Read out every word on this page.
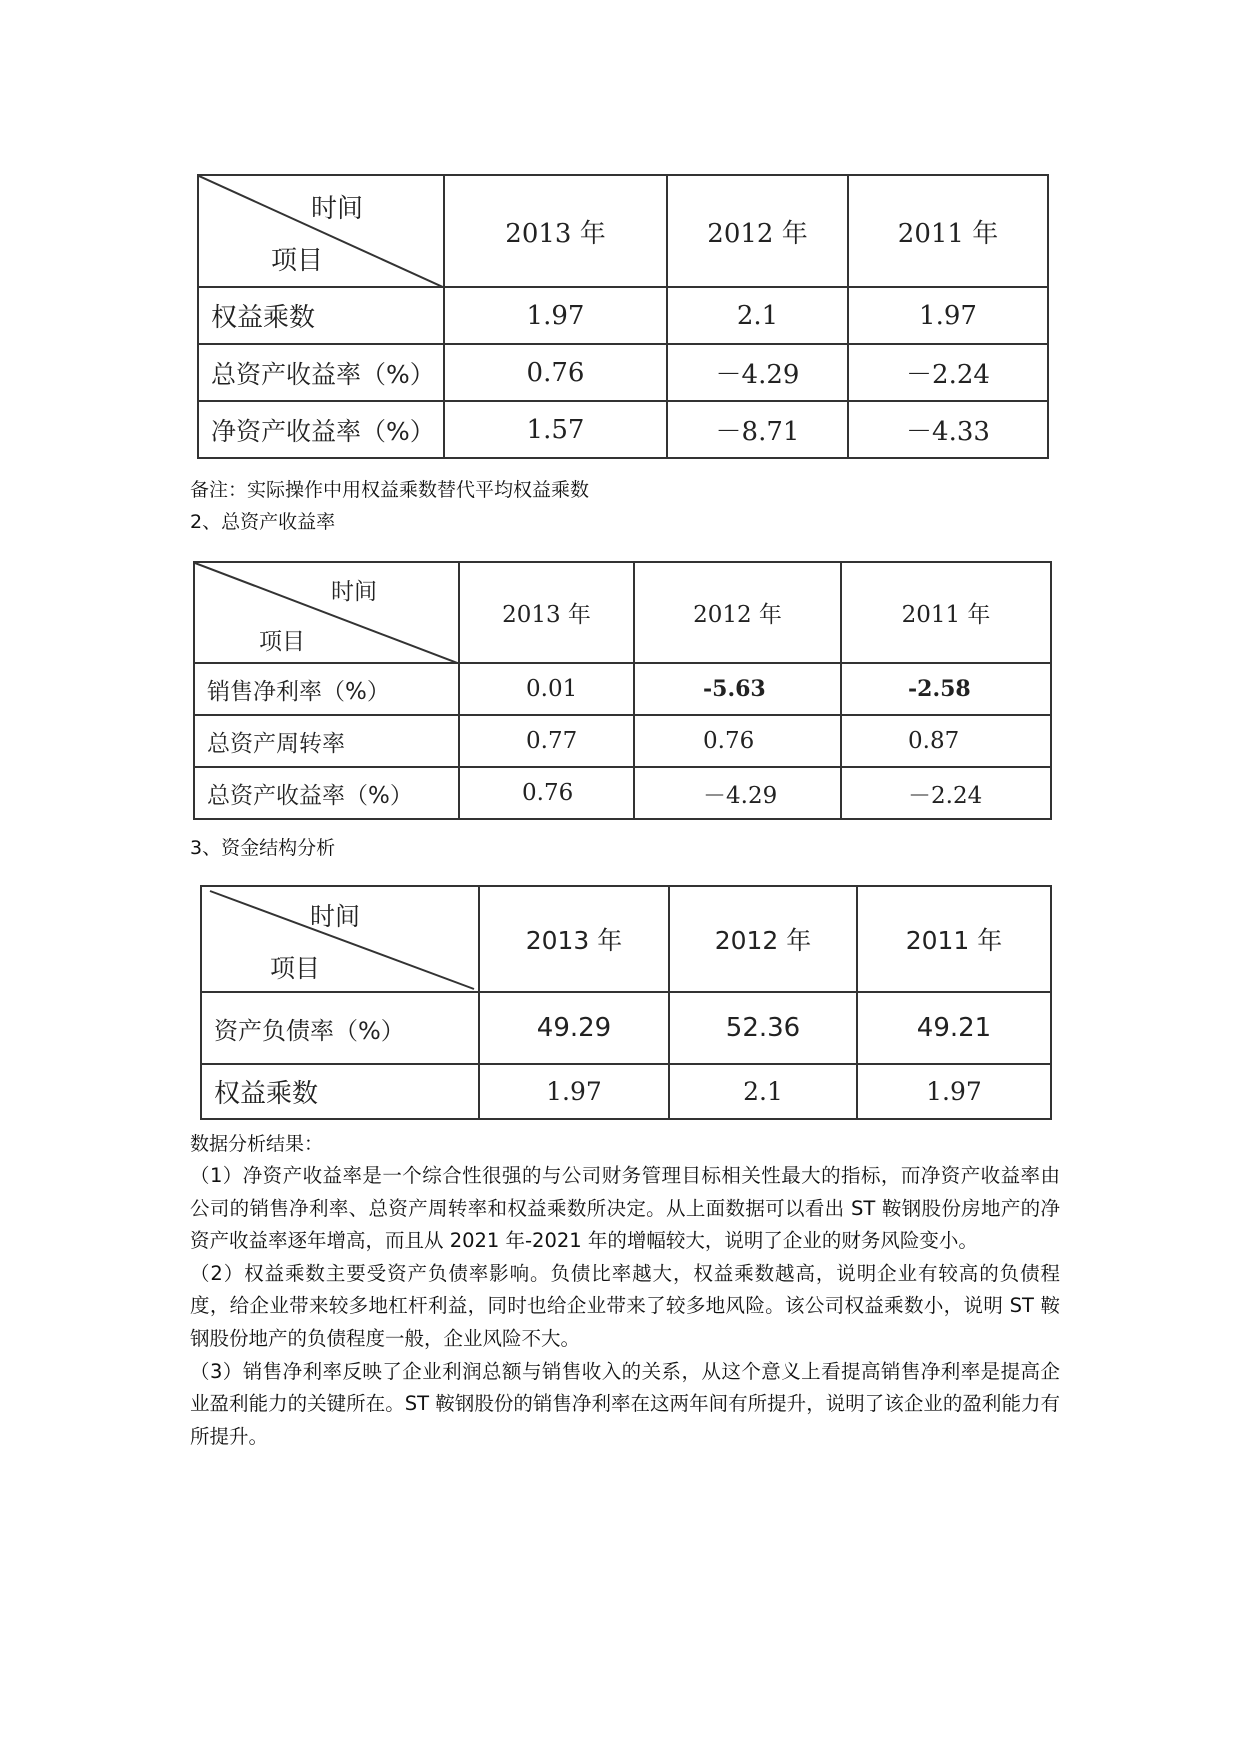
时间
项目	2013 年	2012 年	2011 年
权益乘数	1.97	2.1	1.97
总资产收益率（%）	0.76	－4.29	－2.24
净资产收益率（%）	1.57	－8.71	－4.33
备注：实际操作中用权益乘数替代平均权益乘数
2、总资产收益率
时间
项目	2013 年	2012 年	2011 年
销售净利率（%）	0.01	-5.63	-2.58
总资产周转率	0.77	0.76	0.87
总资产收益率（%）	0.76	－4.29	－2.24
3、资金结构分析
时间
项目	2013 年	2012 年	2011 年
资产负债率（%）	49.29	52.36	49.21
权益乘数	1.97	2.1	1.97
数据分析结果：

（1）净资产收益率是一个综合性很强的与公司财务管理目标相关性最大的指标，而净资产收益率由公司的销售净利率、总资产周转率和权益乘数所决定。从上面数据可以看出 ST 鞍钢股份房地产的净资产收益率逐年增高，而且从 2021 年-2021 年的增幅较大，说明了企业的财务风险变小。

（2）权益乘数主要受资产负债率影响。负债比率越大，权益乘数越高，说明企业有较高的负债程度，给企业带来较多地杠杆利益，同时也给企业带来了较多地风险。该公司权益乘数小，说明 ST 鞍钢股份地产的负债程度一般，企业风险不大。

（3）销售净利率反映了企业利润总额与销售收入的关系，从这个意义上看提高销售净利率是提高企业盈利能力的关键所在。ST 鞍钢股份的销售净利率在这两年间有所提升，说明了该企业的盈利能力有所提升。
